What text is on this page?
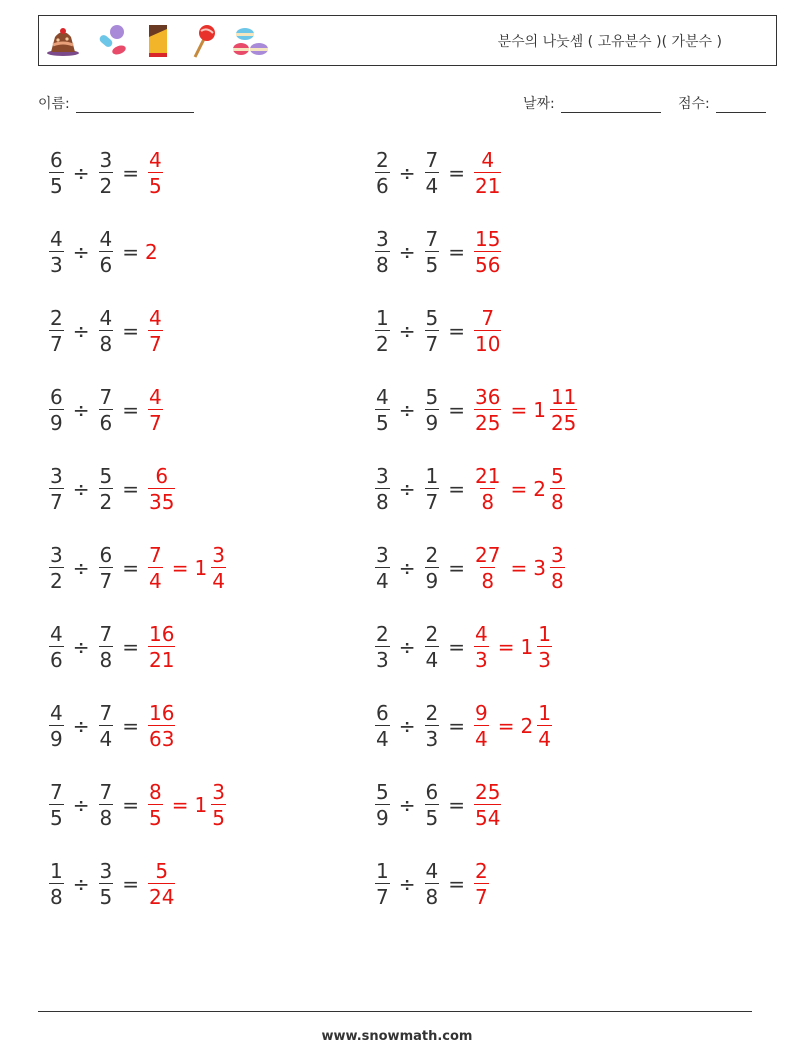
분수의 나눗셈 ( 고유분수 )( 가분수 )
이름:	날짜:	점수:
$\frac{6}{5} \div \frac{3}{2} = \frac{4}{5}$	$\frac{2}{6} \div \frac{7}{4} = \frac{4}{21}$
$\frac{4}{3} \div \frac{4}{6} = 2$	$\frac{3}{8} \div \frac{7}{5} = \frac{15}{56}$
$\frac{2}{7} \div \frac{4}{8} = \frac{4}{7}$	$\frac{1}{2} \div \frac{5}{7} = \frac{7}{10}$
$\frac{6}{9} \div \frac{7}{6} = \frac{4}{7}$	$\frac{4}{5} \div \frac{5}{9} = \frac{36}{25} = 1 \frac{11}{25}$
$\frac{3}{7} \div \frac{5}{2} = \frac{6}{35}$	$\frac{3}{8} \div \frac{1}{7} = \frac{21}{8} = 2 \frac{5}{8}$
$\frac{3}{2} \div \frac{6}{7} = \frac{7}{4} = 1 \frac{3}{4}$	$\frac{3}{4} \div \frac{2}{9} = \frac{27}{8} = 3 \frac{3}{8}$
$\frac{4}{6} \div \frac{7}{8} = \frac{16}{21}$	$\frac{2}{3} \div \frac{2}{4} = \frac{4}{3} = 1 \frac{1}{3}$
$\frac{4}{9} \div \frac{7}{4} = \frac{16}{63}$	$\frac{6}{4} \div \frac{2}{3} = \frac{9}{4} = 2 \frac{1}{4}$
$\frac{7}{5} \div \frac{7}{8} = \frac{8}{5} = 1 \frac{3}{5}$	$\frac{5}{9} \div \frac{6}{5} = \frac{25}{54}$
$\frac{1}{8} \div \frac{3}{5} = \frac{5}{24}$	$\frac{1}{7} \div \frac{4}{8} = \frac{2}{7}$
www.snowmath.com
